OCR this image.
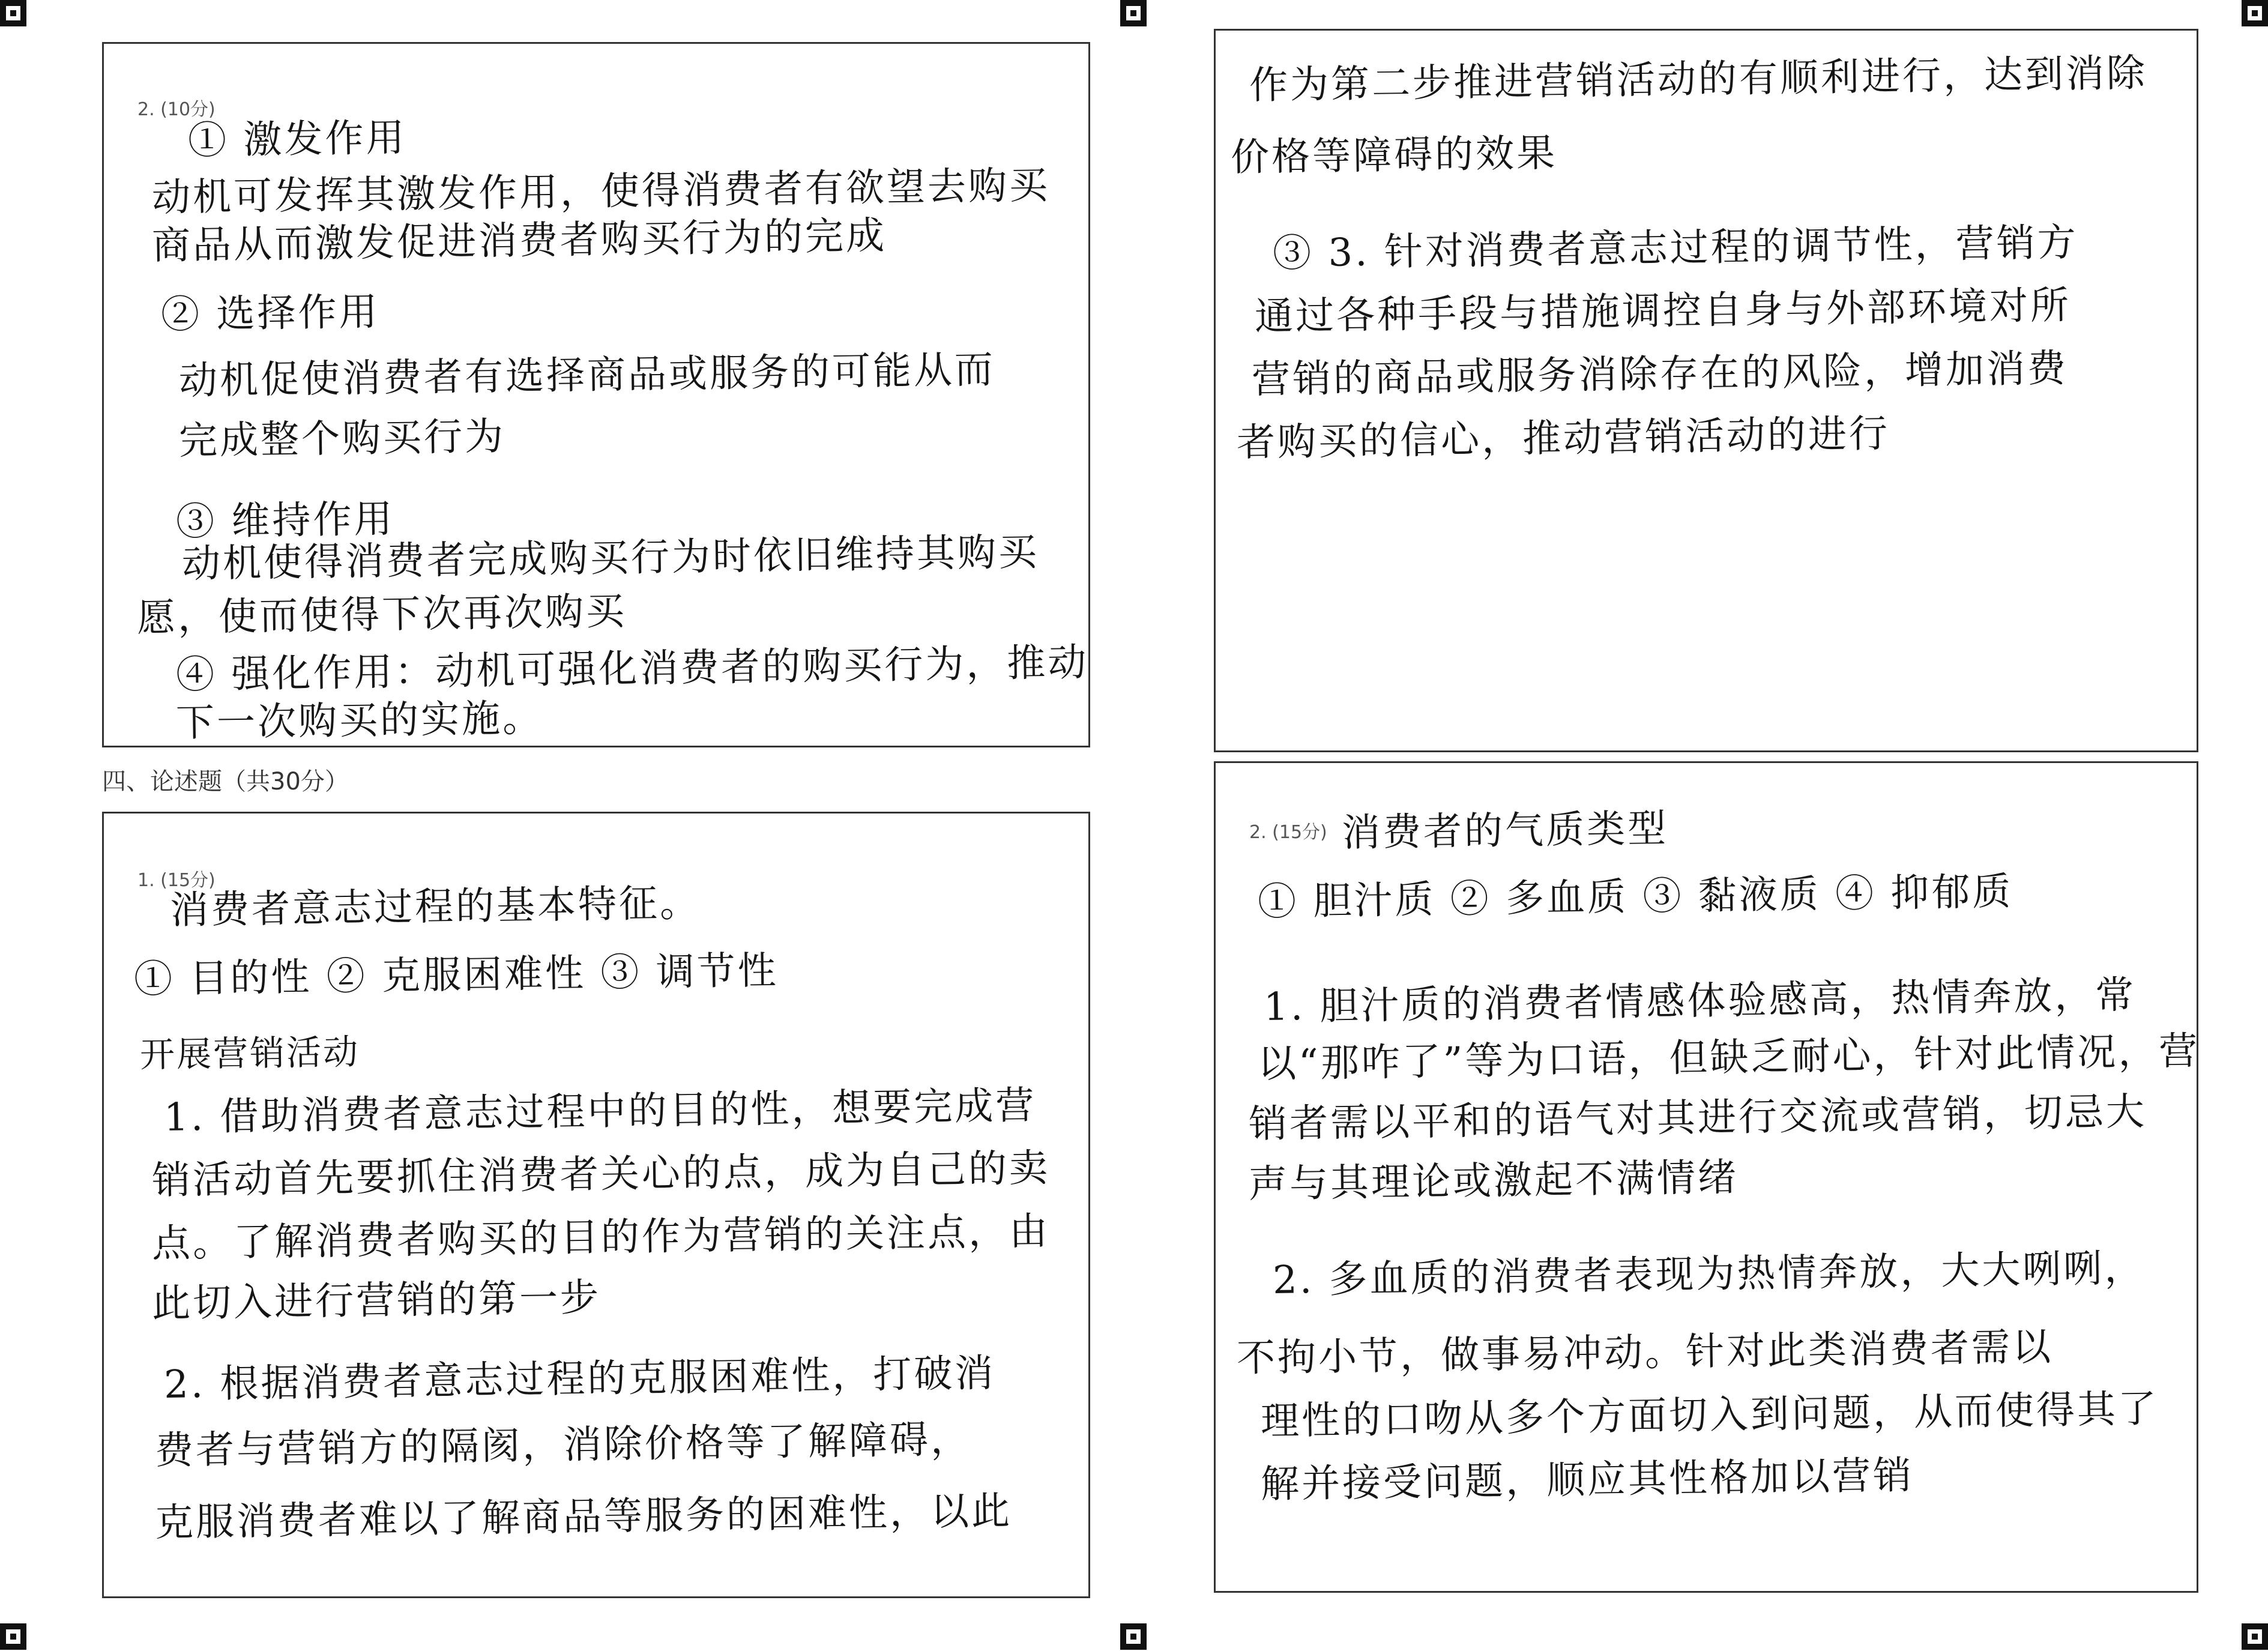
2. (10分)
① 激发作用
动机可发挥其激发作用，使得消费者有欲望去购买
商品从而激发促进消费者购买行为的完成
② 选择作用
动机促使消费者有选择商品或服务的可能从而
完成整个购买行为
③ 维持作用
动机使得消费者完成购买行为时依旧维持其购买
愿，使而使得下次再次购买
④ 强化作用：动机可强化消费者的购买行为，推动
下一次购买的实施。
作为第二步推进营销活动的有顺利进行，达到消除
价格等障碍的效果
③ 3. 针对消费者意志过程的调节性，营销方
通过各种手段与措施调控自身与外部环境对所
营销的商品或服务消除存在的风险，增加消费
者购买的信心，推动营销活动的进行
四、论述题（共30分）
1. (15分)
消费者意志过程的基本特征。
① 目的性 ② 克服困难性 ③ 调节性
开展营销活动
1. 借助消费者意志过程中的目的性，想要完成营
销活动首先要抓住消费者关心的点，成为自己的卖
点。了解消费者购买的目的作为营销的关注点，由
此切入进行营销的第一步
2. 根据消费者意志过程的克服困难性，打破消
费者与营销方的隔阂，消除价格等了解障碍，
克服消费者难以了解商品等服务的困难性，以此
2. (15分) 消费者的气质类型
① 胆汁质 ② 多血质 ③ 黏液质 ④ 抑郁质
1. 胆汁质的消费者情感体验感高，热情奔放，常
以“那咋了”等为口语，但缺乏耐心，针对此情况，营
销者需以平和的语气对其进行交流或营销，切忌大
声与其理论或激起不满情绪
2. 多血质的消费者表现为热情奔放，大大咧咧，
不拘小节，做事易冲动。针对此类消费者需以
理性的口吻从多个方面切入到问题，从而使得其了
解并接受问题，顺应其性格加以营销
